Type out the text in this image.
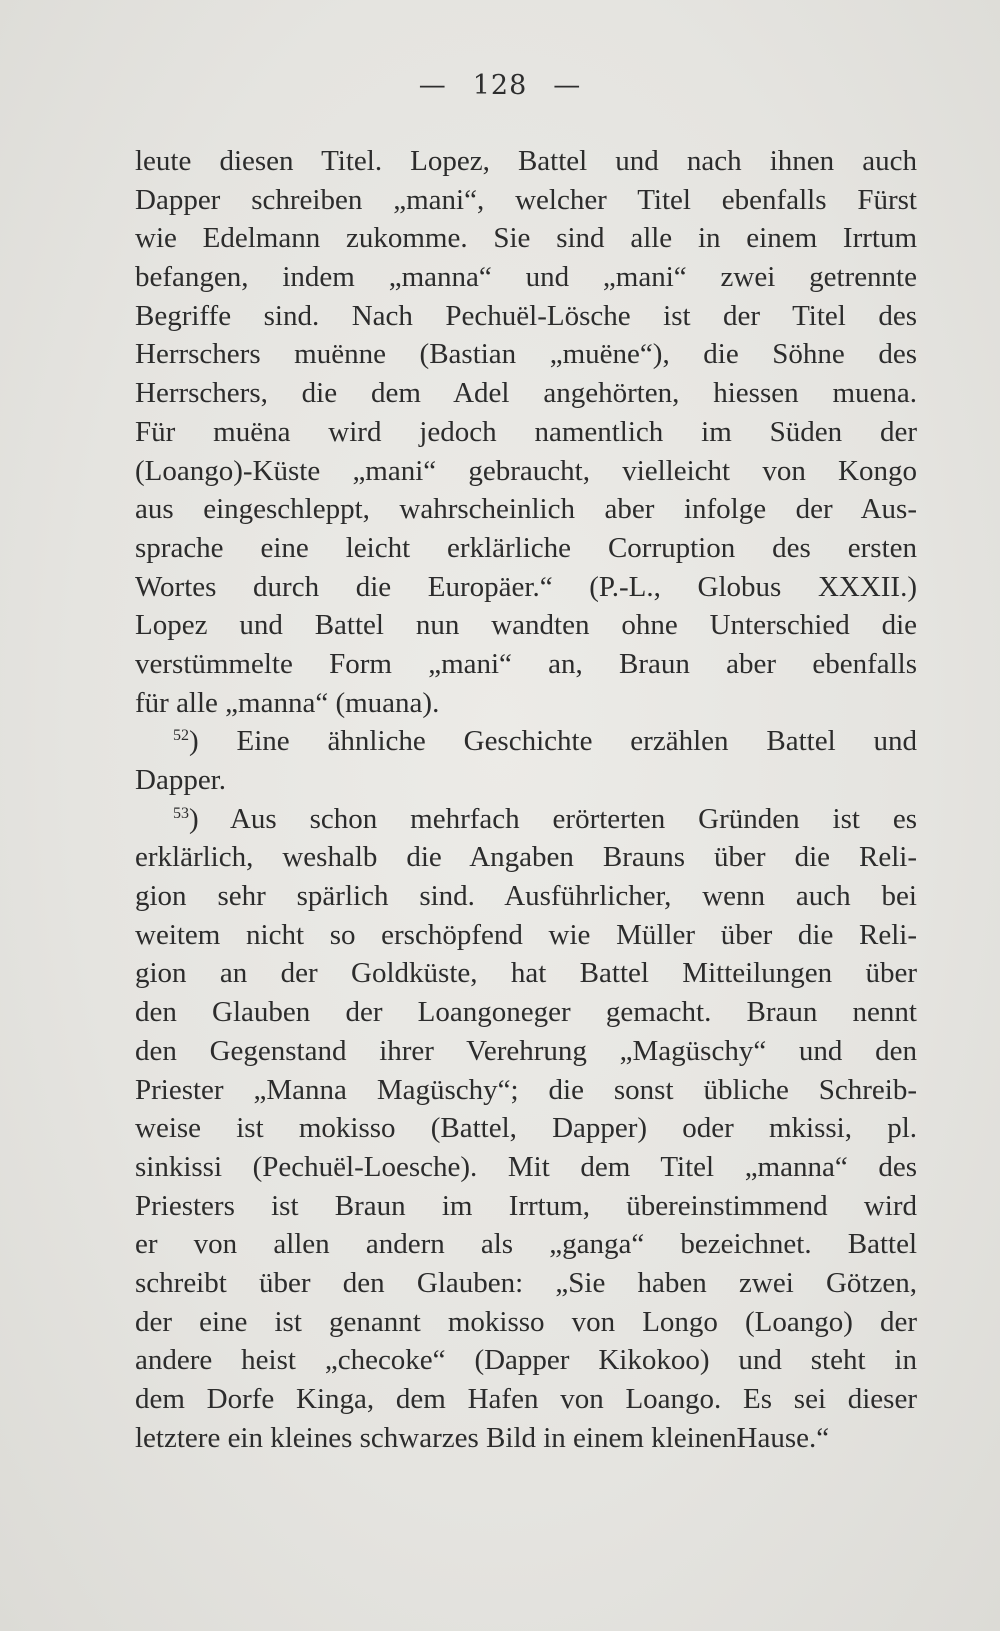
— 128 —
leute diesen Titel. Lopez, Battel und nach ihnen auch
Dapper schreiben „mani“, welcher Titel ebenfalls Fürst
wie Edelmann zukomme. Sie sind alle in einem Irrtum
befangen, indem „manna“ und „mani“ zwei getrennte
Begriffe sind. Nach Pechuël-Lösche ist der Titel des
Herrschers muënne (Bastian „muëne“), die Söhne des
Herrschers, die dem Adel angehörten, hiessen muena.
Für muëna wird jedoch namentlich im Süden der
(Loango)-Küste „mani“ gebraucht, vielleicht von Kongo
aus eingeschleppt, wahrscheinlich aber infolge der Aus-
sprache eine leicht erklärliche Corruption des ersten
Wortes durch die Europäer.“ (P.-L., Globus XXXII.)
Lopez und Battel nun wandten ohne Unterschied die
verstümmelte Form „mani“ an, Braun aber ebenfalls
für alle „manna“ (muana).
$^{52}$) Eine ähnliche Geschichte erzählen Battel und
Dapper.
$^{53}$) Aus schon mehrfach erörterten Gründen ist es
erklärlich, weshalb die Angaben Brauns über die Reli-
gion sehr spärlich sind. Ausführlicher, wenn auch bei
weitem nicht so erschöpfend wie Müller über die Reli-
gion an der Goldküste, hat Battel Mitteilungen über
den Glauben der Loangoneger gemacht. Braun nennt
den Gegenstand ihrer Verehrung „Magüschy“ und den
Priester „Manna Magüschy“; die sonst übliche Schreib-
weise ist mokisso (Battel, Dapper) oder mkissi, pl.
sinkissi (Pechuël-Loesche). Mit dem Titel „manna“ des
Priesters ist Braun im Irrtum, übereinstimmend wird
er von allen andern als „ganga“ bezeichnet. Battel
schreibt über den Glauben: „Sie haben zwei Götzen,
der eine ist genannt mokisso von Longo (Loango) der
andere heist „checoke“ (Dapper Kikokoo) und steht in
dem Dorfe Kinga, dem Hafen von Loango. Es sei dieser
letztere ein kleines schwarzes Bild in einem kleinenHause.“
